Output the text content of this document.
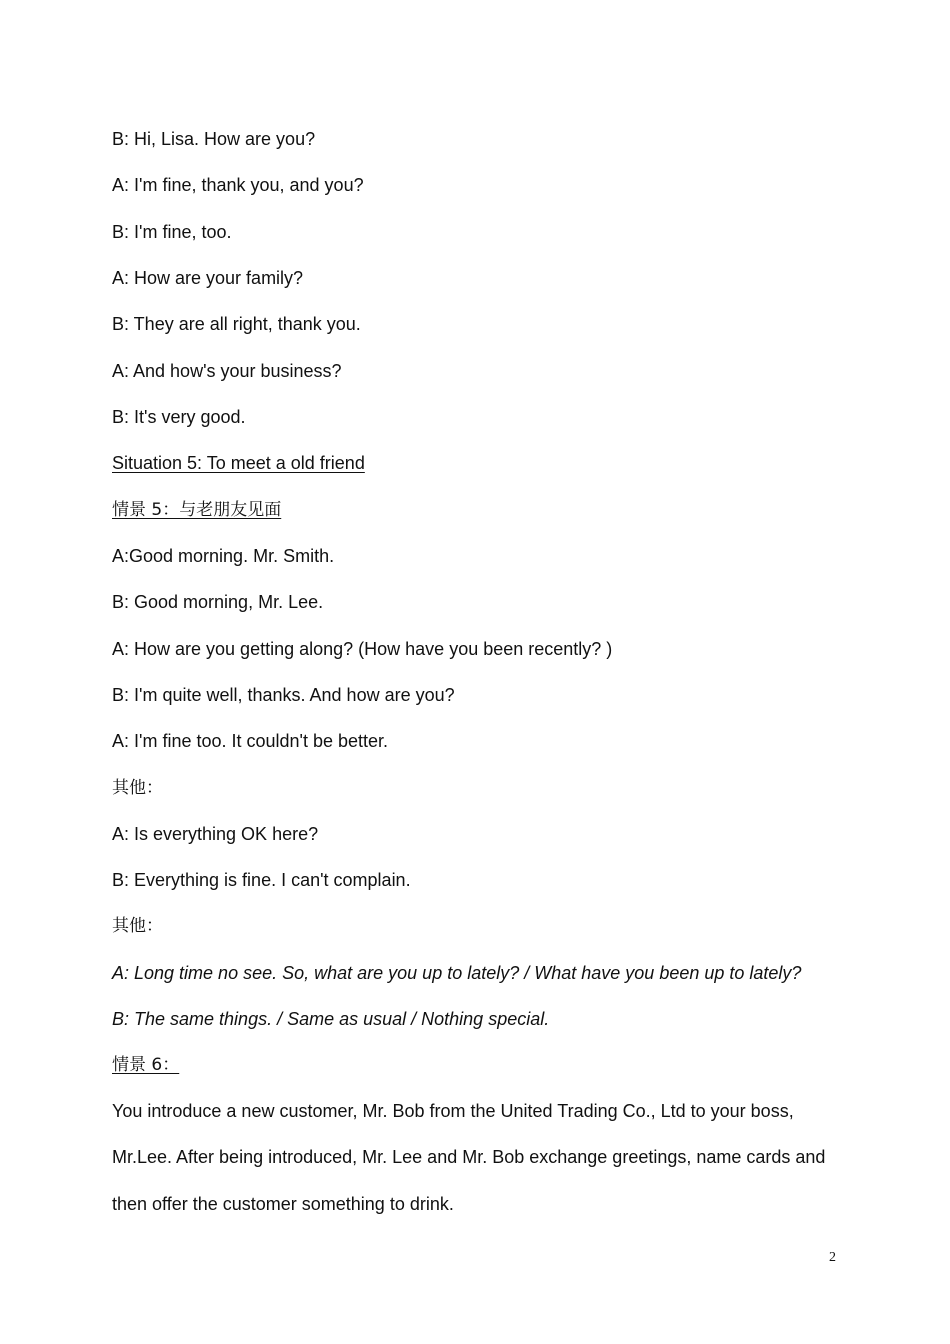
B: Hi, Lisa. How are you?
A: I'm fine, thank you, and you?
B: I'm fine, too.
A: How are your family?
B: They are all right, thank you.
A: And how's your business?
B: It's very good.
Situation 5: To meet a old friend
情景 5：与老朋友见面
A:Good morning. Mr. Smith.
B: Good morning, Mr. Lee.
A: How are you getting along? (How have you been recently? )
B: I'm quite well, thanks. And how are you?
A: I'm fine too. It couldn't be better.
其他：
A: Is everything OK here?
B: Everything is fine. I can't complain.
其他：
A: Long time no see. So, what are you up to lately? / What have you been up to lately?
B: The same things. / Same as usual / Nothing special.
情景 6：
You introduce a new customer, Mr. Bob from the United Trading Co., Ltd to your boss, Mr.Lee. After being introduced, Mr. Lee and Mr. Bob exchange greetings, name cards and then offer the customer something to drink.
2
